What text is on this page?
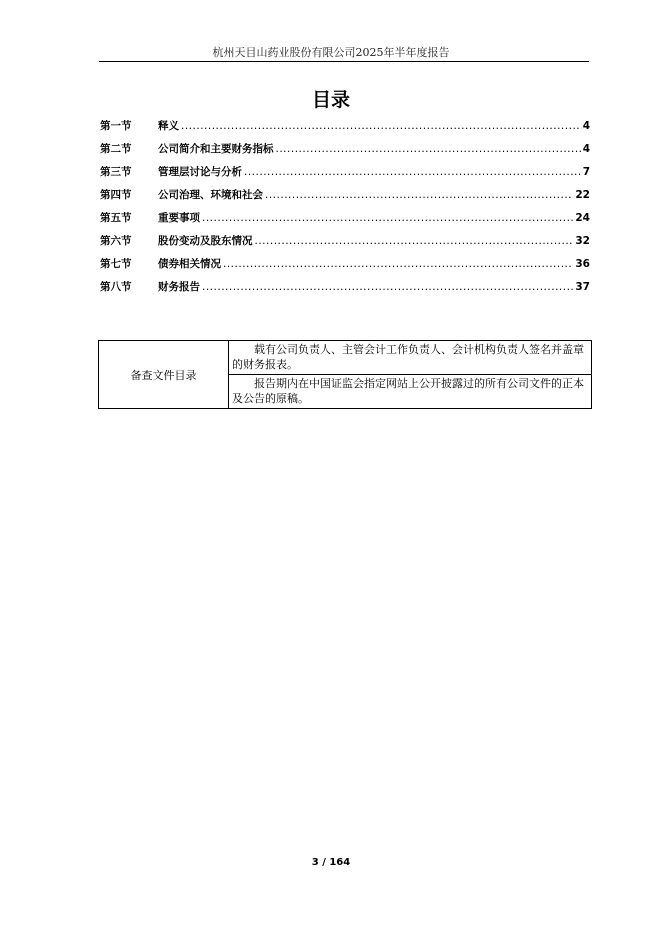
杭州天目山药业股份有限公司2025年半年度报告
目录
第一节	释义 .....	4
第二节	公司简介和主要财务指标 .....	4
第三节	管理层讨论与分析 .....	7
第四节	公司治理、环境和社会 .....	22
第五节	重要事项 .....	24
第六节	股份变动及股东情况 .....	32
第七节	债券相关情况 .....	36
第八节	财务报告 .....	37
备查文件目录	载有公司负责人、主管会计工作负责人、会计机构负责人签名并盖章的财务报表。
报告期内在中国证监会指定网站上公开披露过的所有公司文件的正本及公告的原稿。
3 / 164
